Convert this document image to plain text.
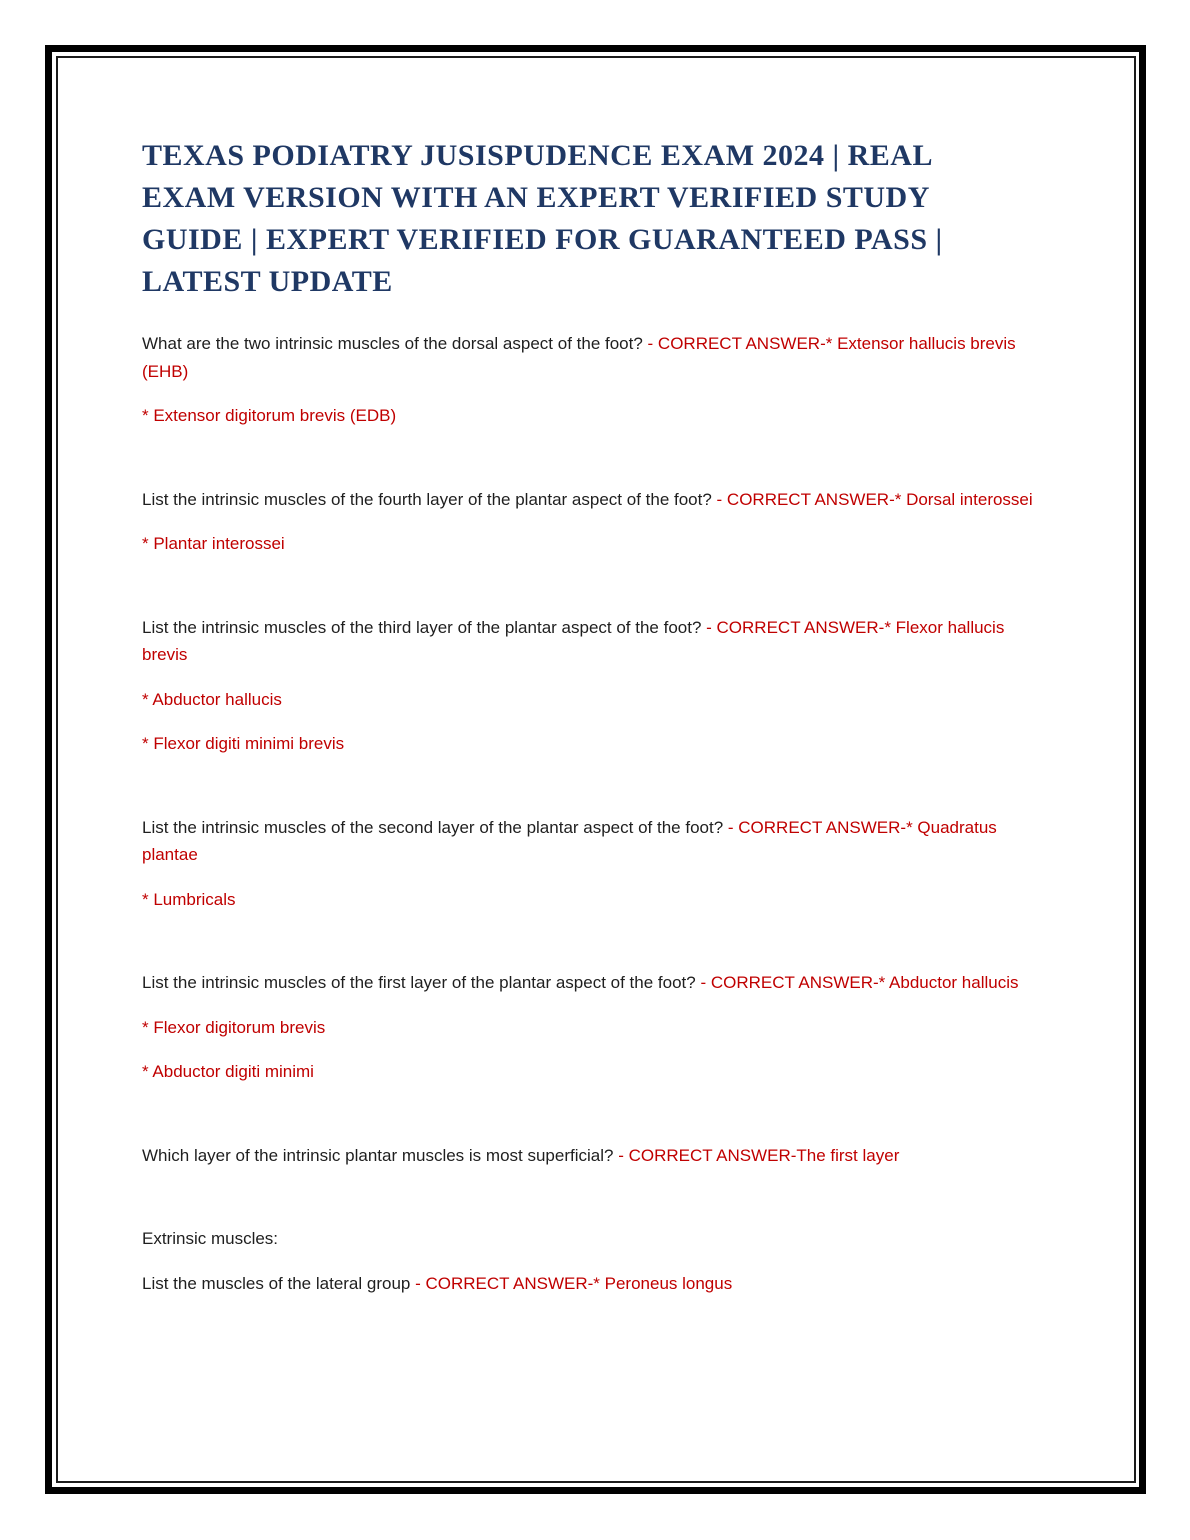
TEXAS PODIATRY JUSISPUDENCE EXAM 2024 | REAL
EXAM VERSION WITH AN EXPERT VERIFIED STUDY
GUIDE | EXPERT VERIFIED FOR GUARANTEED PASS |
LATEST UPDATE

What are the two intrinsic muscles of the dorsal aspect of the foot? - CORRECT ANSWER-* Extensor hallucis brevis (EHB)

* Extensor digitorum brevis (EDB)

List the intrinsic muscles of the fourth layer of the plantar aspect of the foot? - CORRECT ANSWER-* Dorsal interossei

* Plantar interossei

List the intrinsic muscles of the third layer of the plantar aspect of the foot? - CORRECT ANSWER-* Flexor hallucis brevis

* Abductor hallucis

* Flexor digiti minimi brevis

List the intrinsic muscles of the second layer of the plantar aspect of the foot? - CORRECT ANSWER-* Quadratus plantae

* Lumbricals

List the intrinsic muscles of the first layer of the plantar aspect of the foot? - CORRECT ANSWER-* Abductor hallucis

* Flexor digitorum brevis

* Abductor digiti minimi

Which layer of the intrinsic plantar muscles is most superficial? - CORRECT ANSWER-The first layer

Extrinsic muscles:

List the muscles of the lateral group - CORRECT ANSWER-* Peroneus longus
